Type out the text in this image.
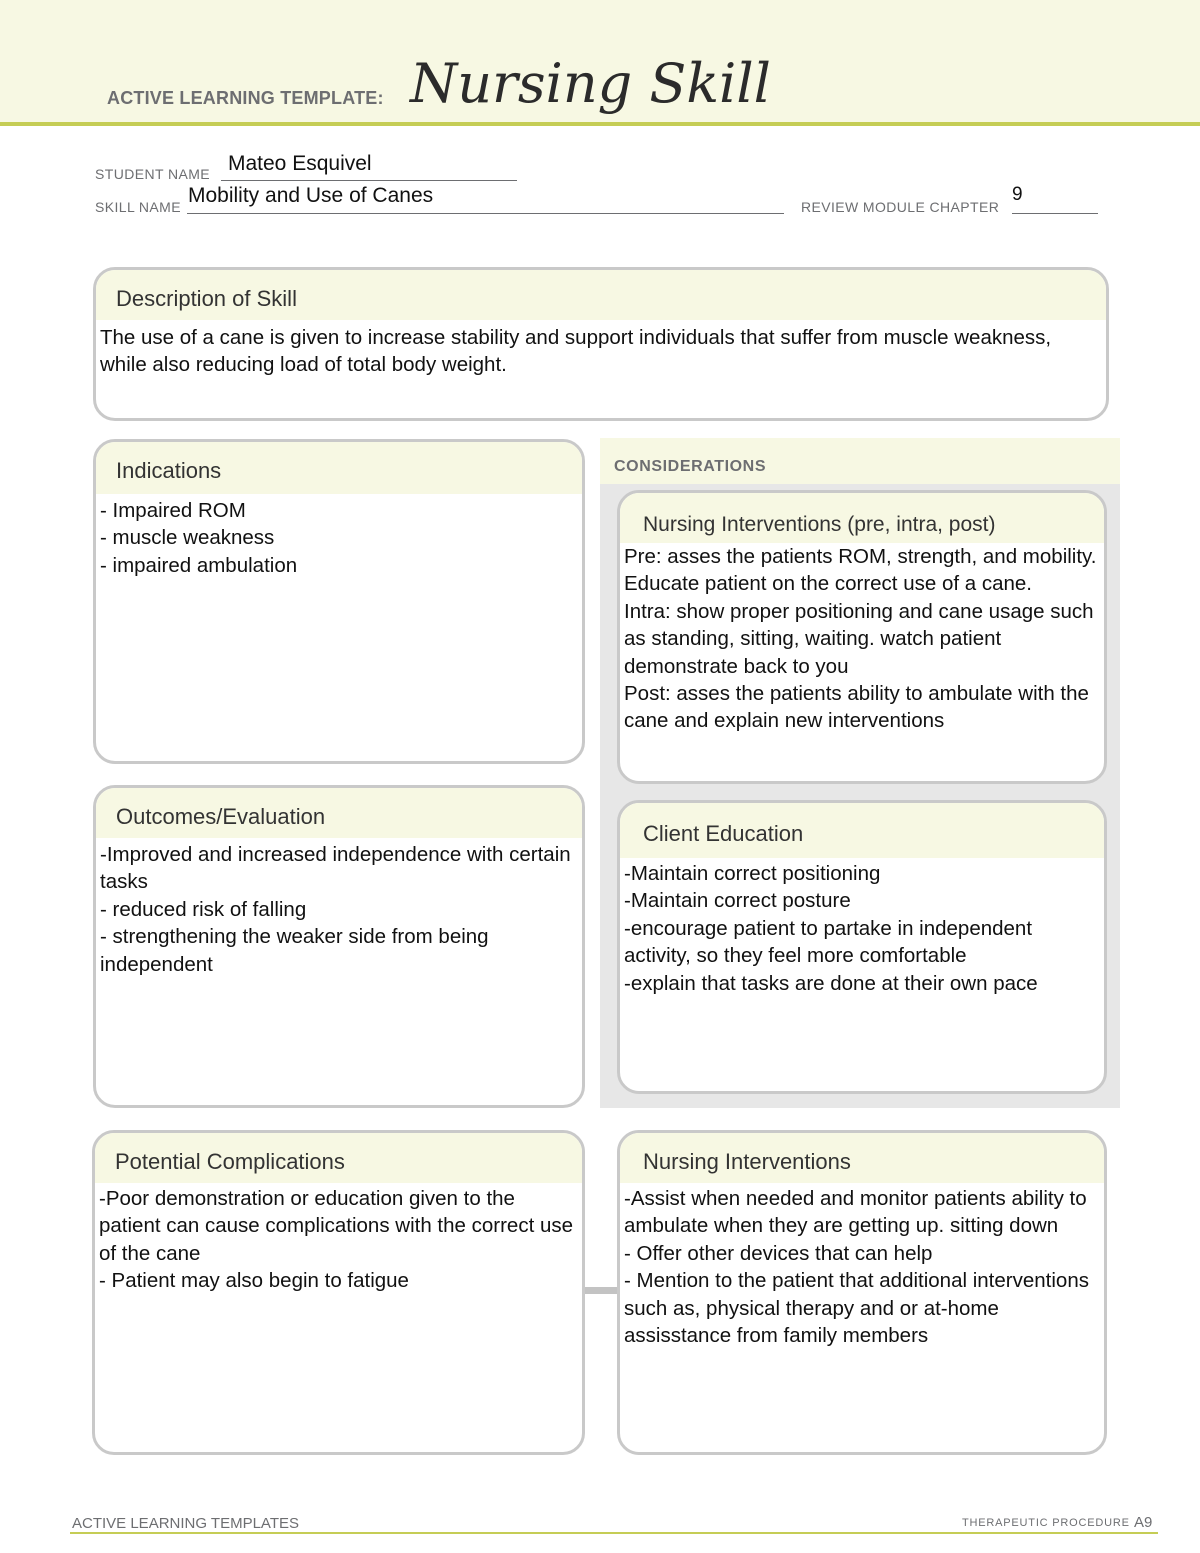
ACTIVE LEARNING TEMPLATE: Nursing Skill
STUDENT NAME Mateo Esquivel
SKILL NAME Mobility and Use of Canes	REVIEW MODULE CHAPTER
9
Description of Skill
The use of a cane is given to increase stability and support individuals that suffer from muscle weakness, while also reducing load of total body weight.
CONSIDERATIONS
Indications
- Impaired ROM
- muscle weakness
- impaired ambulation
Nursing Interventions (pre, intra, post)
Pre: asses the patients ROM, strength, and mobility. Educate patient on the correct use of a cane.
Intra: show proper positioning and cane usage such as standing, sitting, waiting. watch patient demonstrate back to you
Post: asses the patients ability to ambulate with the cane and explain new interventions
Outcomes/Evaluation
-Improved and increased independence with certain tasks
- reduced risk of falling
- strengthening the weaker side from being independent
Client Education
-Maintain correct positioning
-Maintain correct posture
-encourage patient to partake in independent activity, so they feel more comfortable
-explain that tasks are done at their own pace
Potential Complications
-Poor demonstration or education given to the patient can cause complications with the correct use of the cane
- Patient may also begin to fatigue
Nursing Interventions
-Assist when needed and monitor patients ability to ambulate when they are getting up. sitting down
- Offer other devices that can help
- Mention to the patient that additional interventions such as, physical therapy and or at-home assisstance from family members
ACTIVE LEARNING TEMPLATES	THERAPEUTIC PROCEDURE A9
